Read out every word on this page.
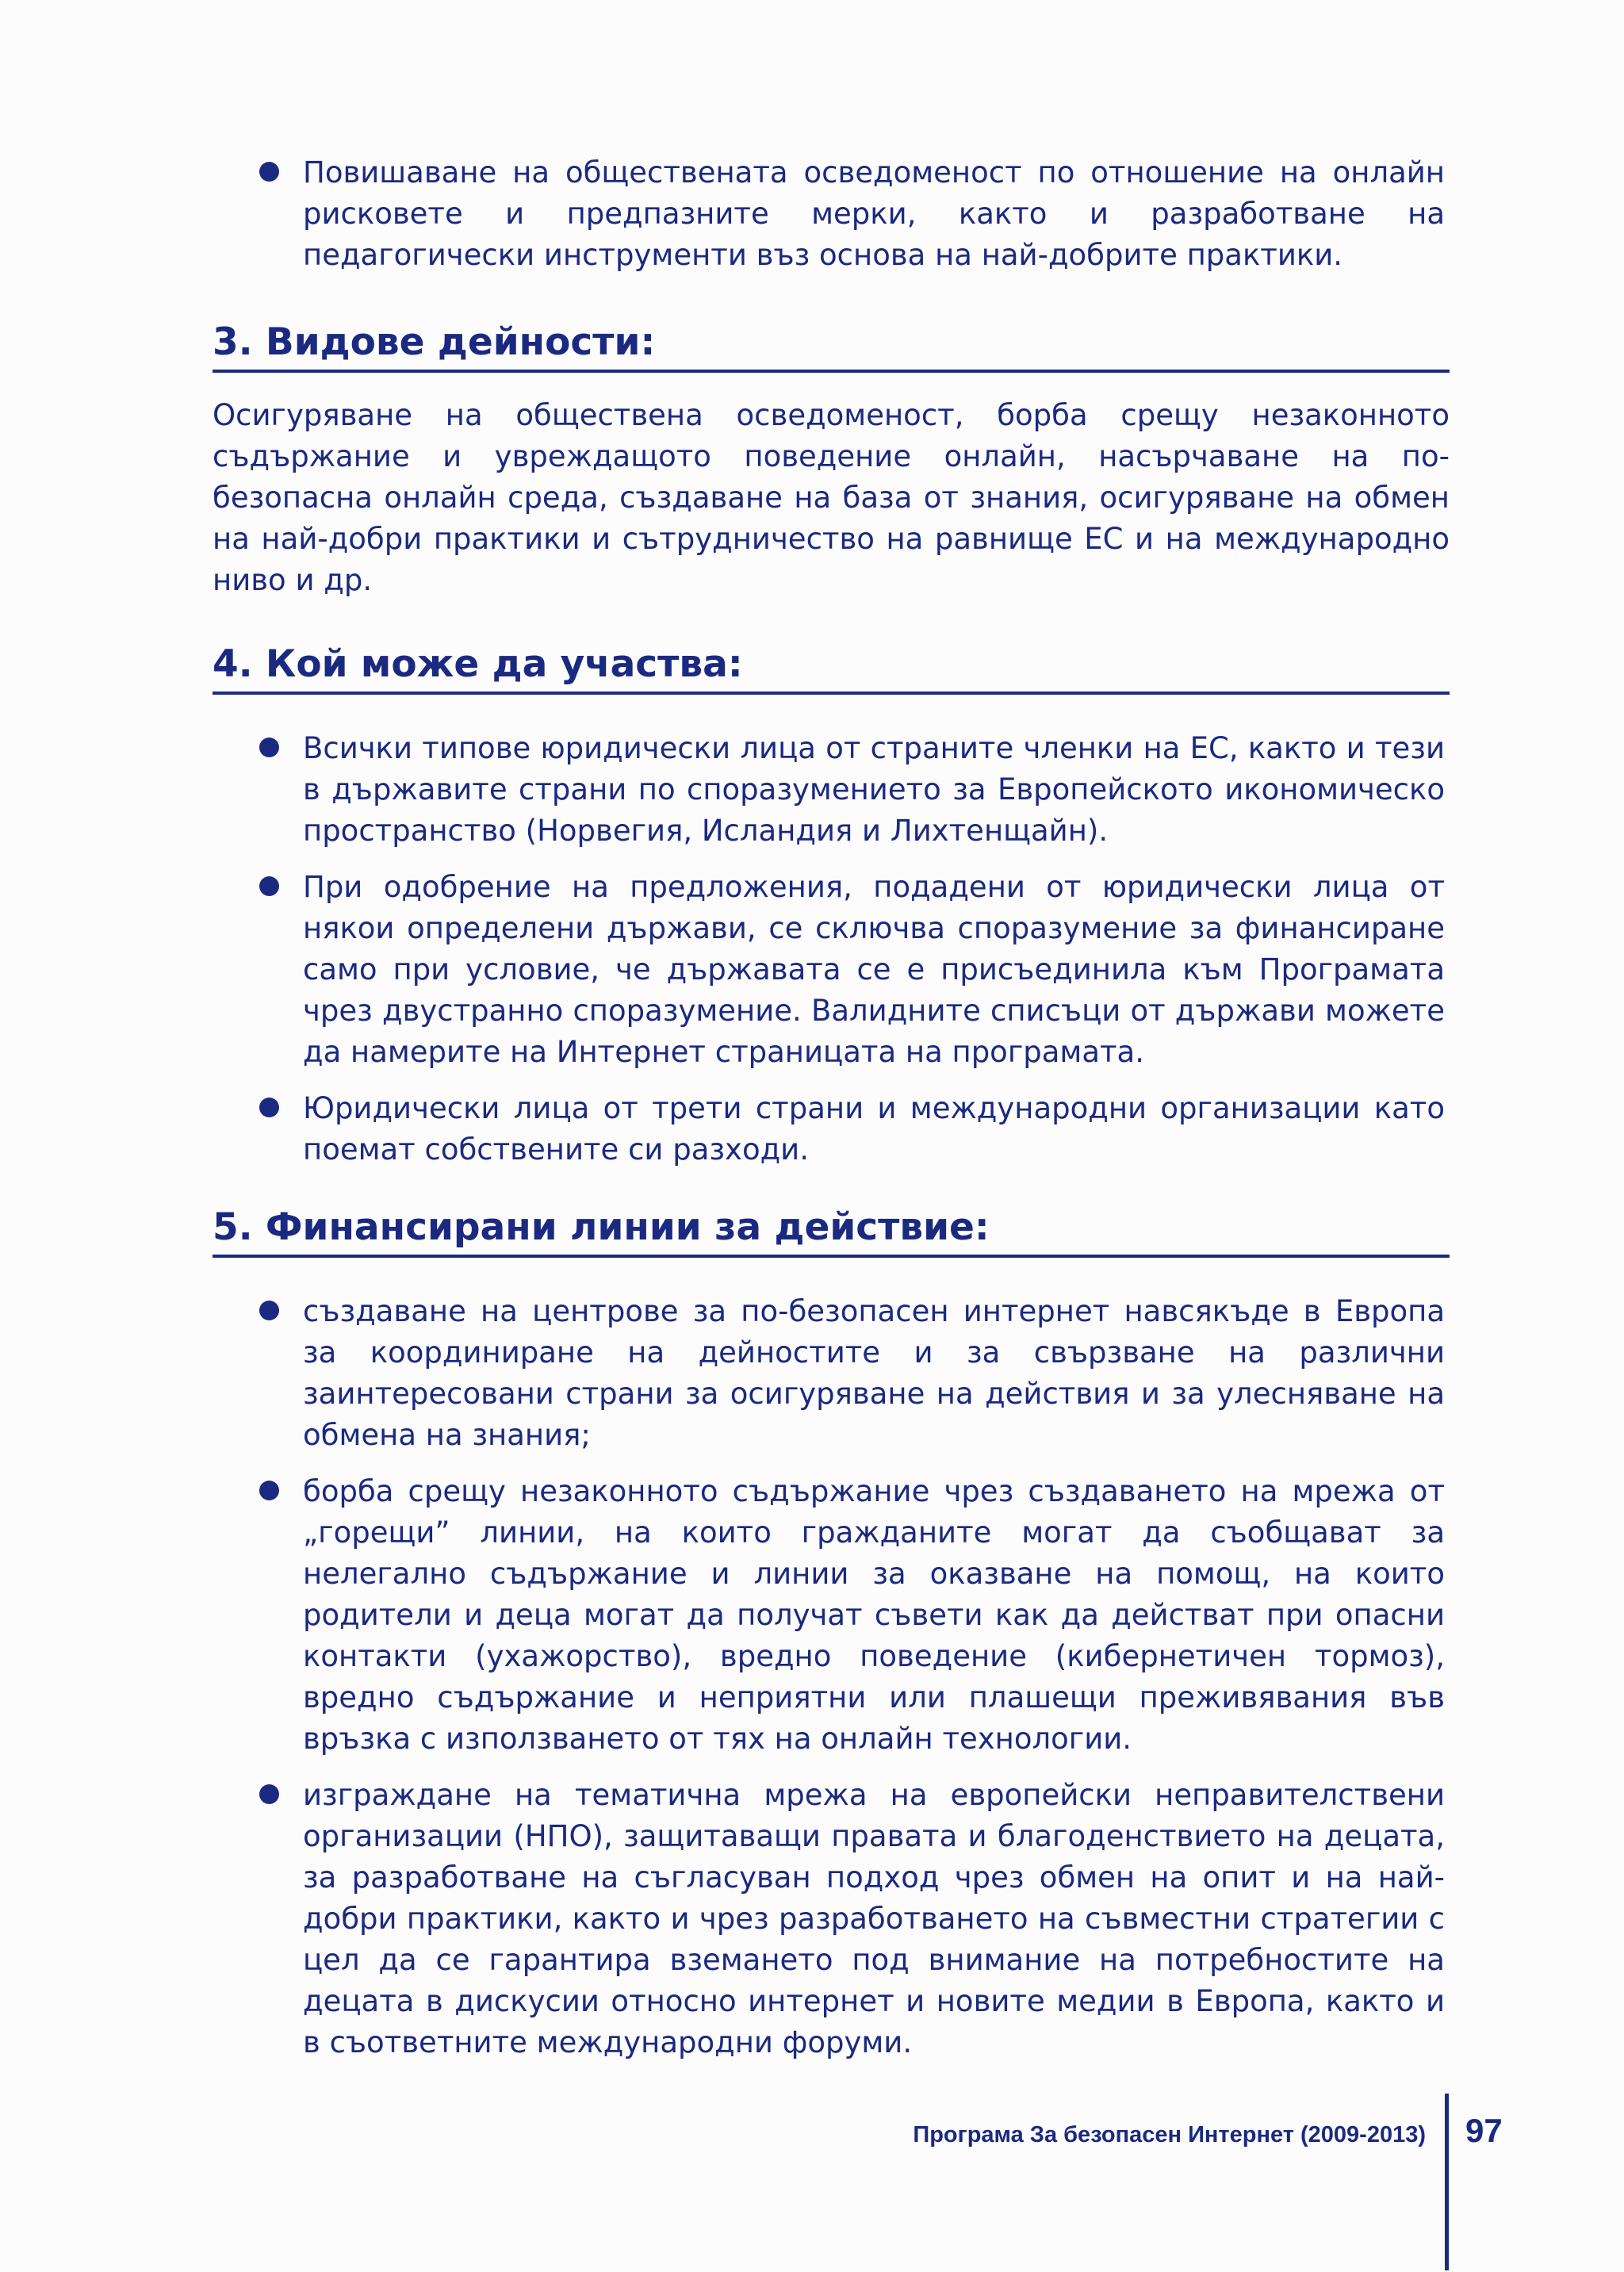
Повишаване на обществената осведоменост по отношение на онлайн рисковете и предпазните мерки, както и разработване на педагогически инструменти въз основа на най-добрите практики.
3. Видове дейности:

Осигуряване на обществена осведоменост, борба срещу незаконното съдържание и увреждащото поведение онлайн, насърчаване на по- безопасна онлайн среда, създаване на база от знания, осигуряване на обмен на най-добри практики и сътрудничество на равнище ЕС и на международно ниво и др.

4. Кой може да участва:
Всички типове юридически лица от страните членки на ЕС, както и тези в държавите страни по споразумението за Европейското икономическо пространство (Норвегия, Исландия и Лихтенщайн).
При одобрение на предложения, подадени от юридически лица от някои определени държави, се сключва споразумение за финансиране само при условие, че държавата се е присъединила към Програмата чрез двустранно споразумение. Валидните списъци от държави можете да намерите на Интернет страницата на програмата.
Юридически лица от трети страни и международни организации като поемат собствените си разходи.
5. Финансирани линии за действие:
създаване на центрове за по-безопасен интернет навсякъде в Европа за координиране на дейностите и за свързване на различни заинтересовани страни за осигуряване на действия и за улесняване на обмена на знания;
борба срещу незаконното съдържание чрез създаването на мрежа от „горещи” линии, на които гражданите могат да съобщават за нелегално съдържание и линии за оказване на помощ, на които родители и деца могат да получат съвети как да действат при опасни контакти (ухажорство), вредно поведение (кибернетичен тормоз), вредно съдържание и неприятни или плашещи преживявания във връзка с използването от тях на онлайн технологии.
изграждане на тематична мрежа на европейски неправителствени организации (НПО), защитаващи правата и благоденствието на децата, за разработване на съгласуван подход чрез обмен на опит и на най-добри практики, както и чрез разработването на съвместни стратегии с цел да се гарантира вземането под внимание на потребностите на децата в дискусии относно интернет и новите медии в Европа, както и в съответните международни форуми.
Програма За безопасен Интернет (2009-2013) 97
